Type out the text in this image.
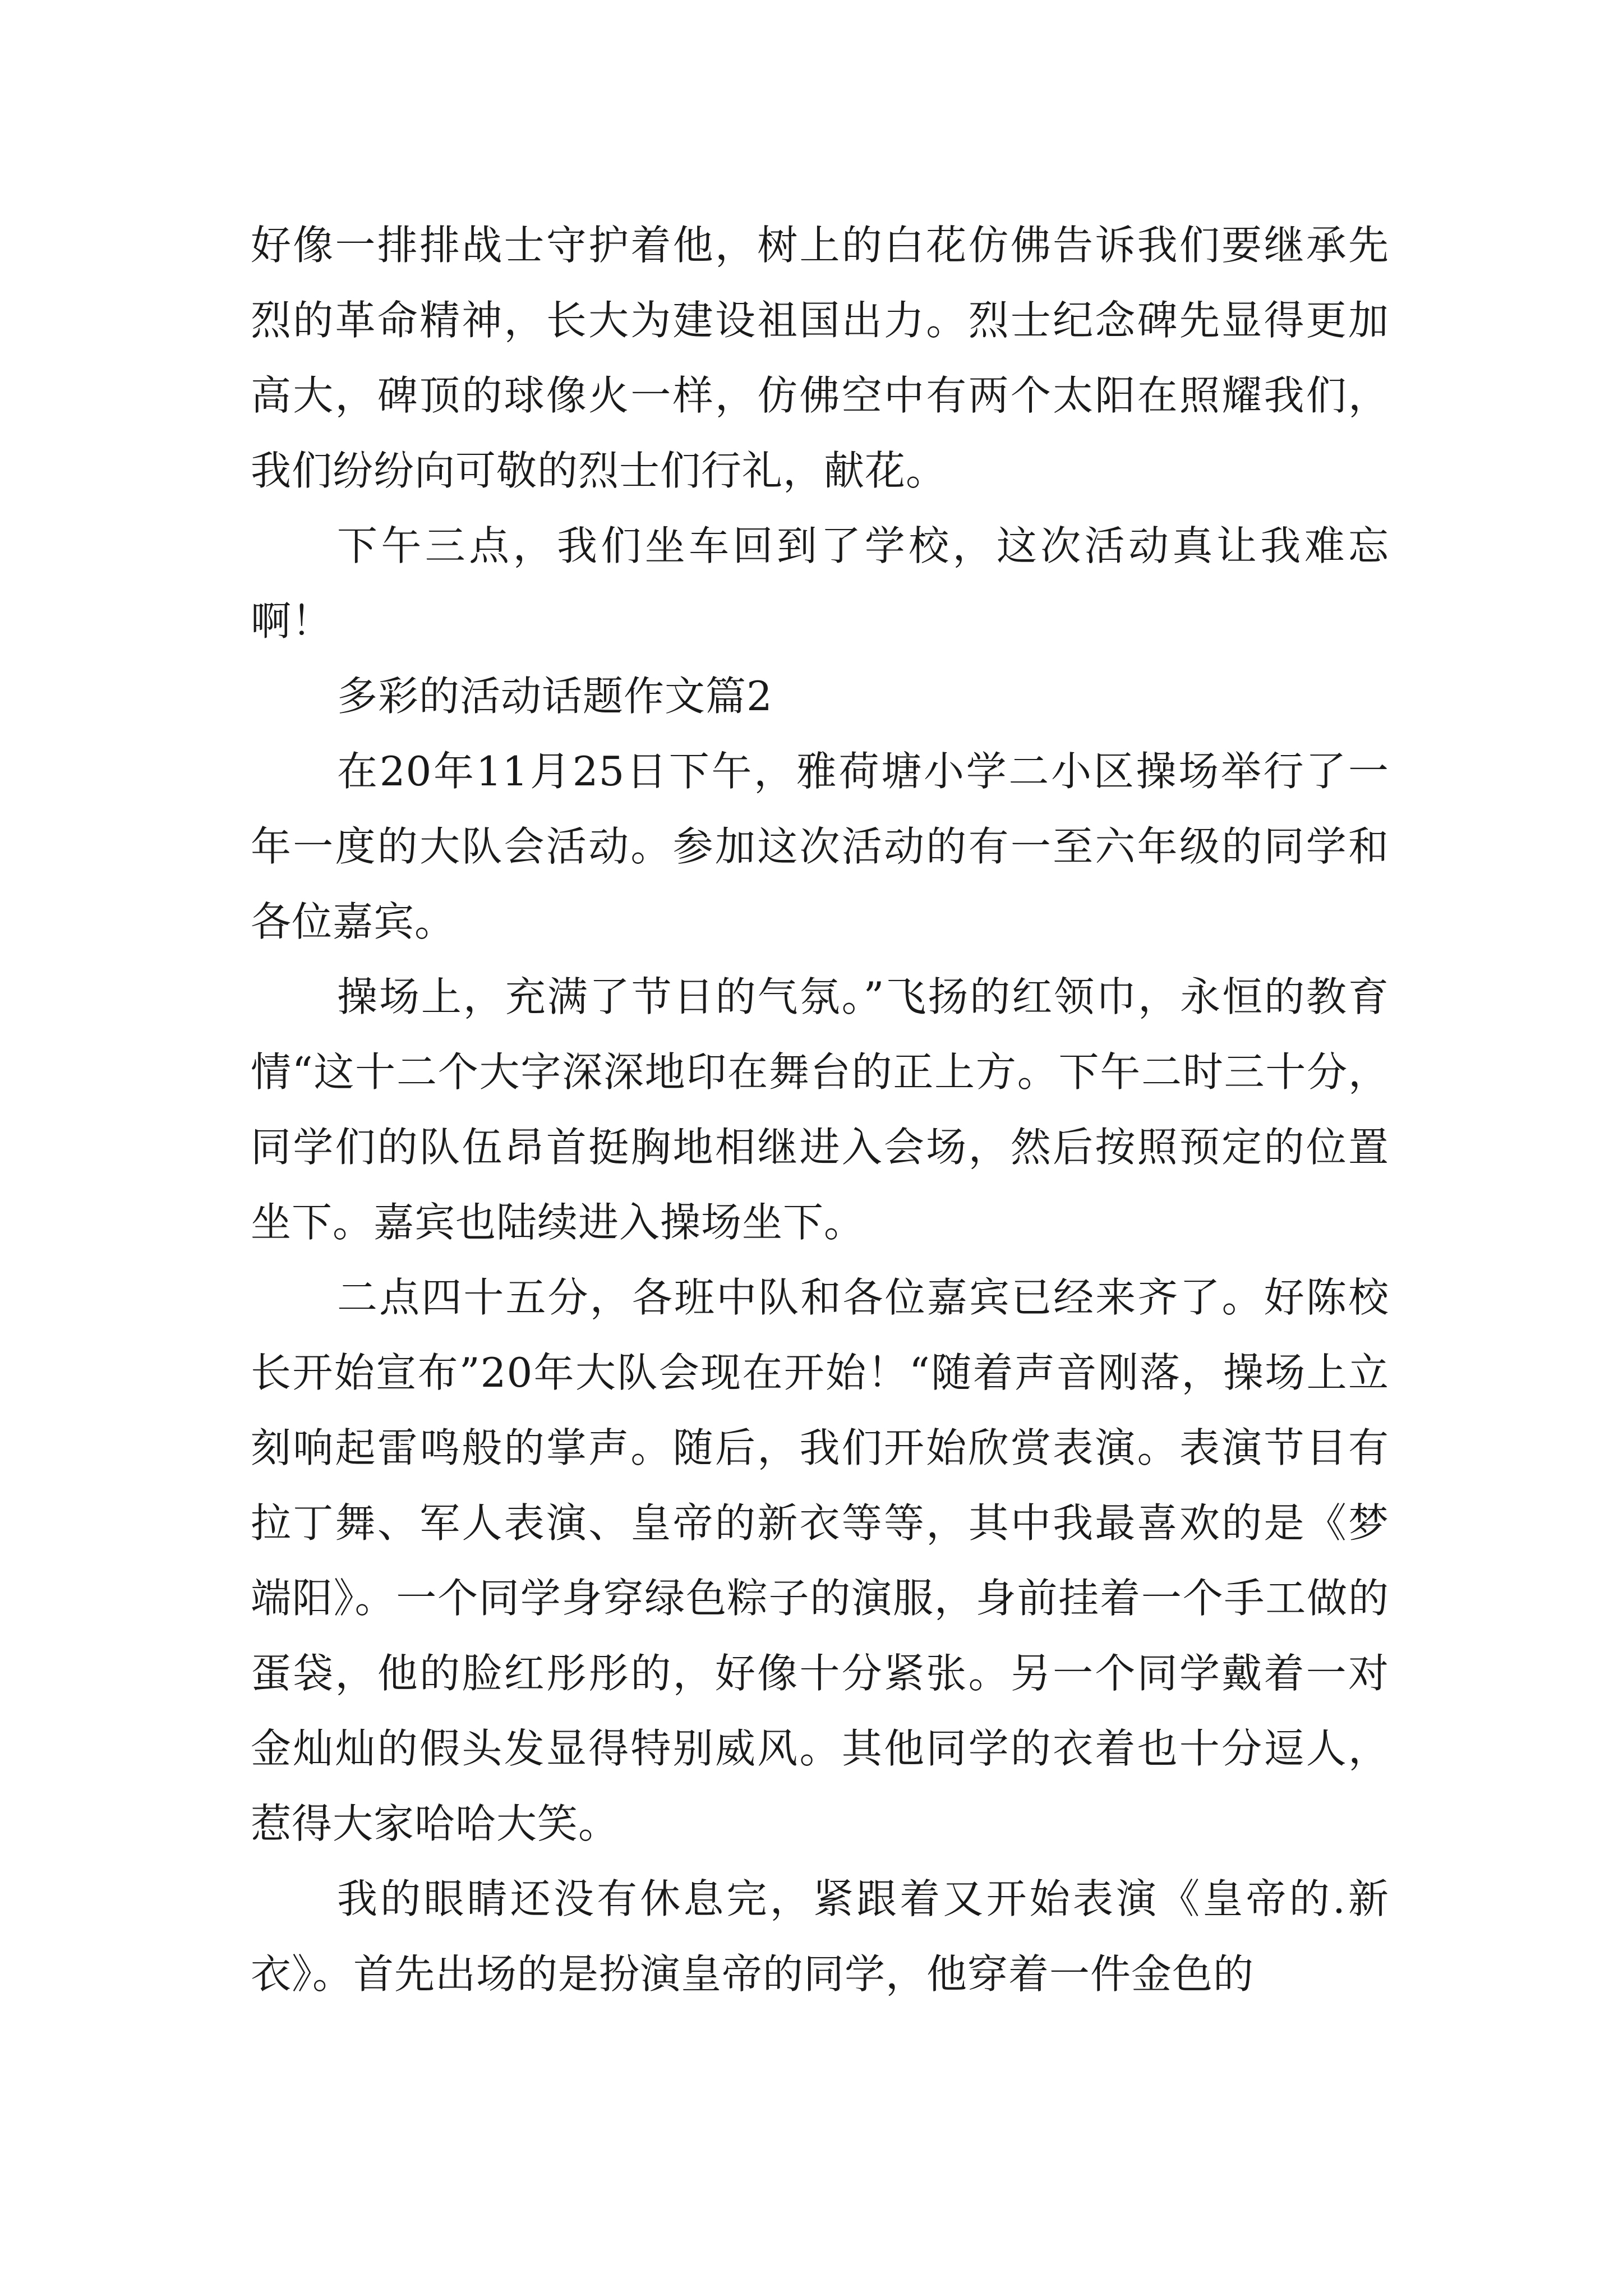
好像一排排战士守护着他，树上的白花仿佛告诉我们要继承先烈的革命精神，长大为建设祖国出力。烈士纪念碑先显得更加高大，碑顶的球像火一样，仿佛空中有两个太阳在照耀我们，我们纷纷向可敬的烈士们行礼，献花。

下午三点，我们坐车回到了学校，这次活动真让我难忘啊！

多彩的活动话题作文篇2

在20年11月25日下午，雅荷塘小学二小区操场举行了一年一度的大队会活动。参加这次活动的有一至六年级的同学和各位嘉宾。

操场上，充满了节日的气氛。”飞扬的红领巾，永恒的教育情“这十二个大字深深地印在舞台的正上方。下午二时三十分，同学们的队伍昂首挺胸地相继进入会场，然后按照预定的位置坐下。嘉宾也陆续进入操场坐下。

二点四十五分，各班中队和各位嘉宾已经来齐了。好陈校长开始宣布”20年大队会现在开始！“随着声音刚落，操场上立刻响起雷鸣般的掌声。随后，我们开始欣赏表演。表演节目有拉丁舞、军人表演、皇帝的新衣等等，其中我最喜欢的是《梦端阳》。一个同学身穿绿色粽子的演服，身前挂着一个手工做的蛋袋，他的脸红彤彤的，好像十分紧张。另一个同学戴着一对金灿灿的假头发显得特别威风。其他同学的衣着也十分逗人，惹得大家哈哈大笑。

我的眼睛还没有休息完，紧跟着又开始表演《皇帝的.新衣》。首先出场的是扮演皇帝的同学，他穿着一件金色的
